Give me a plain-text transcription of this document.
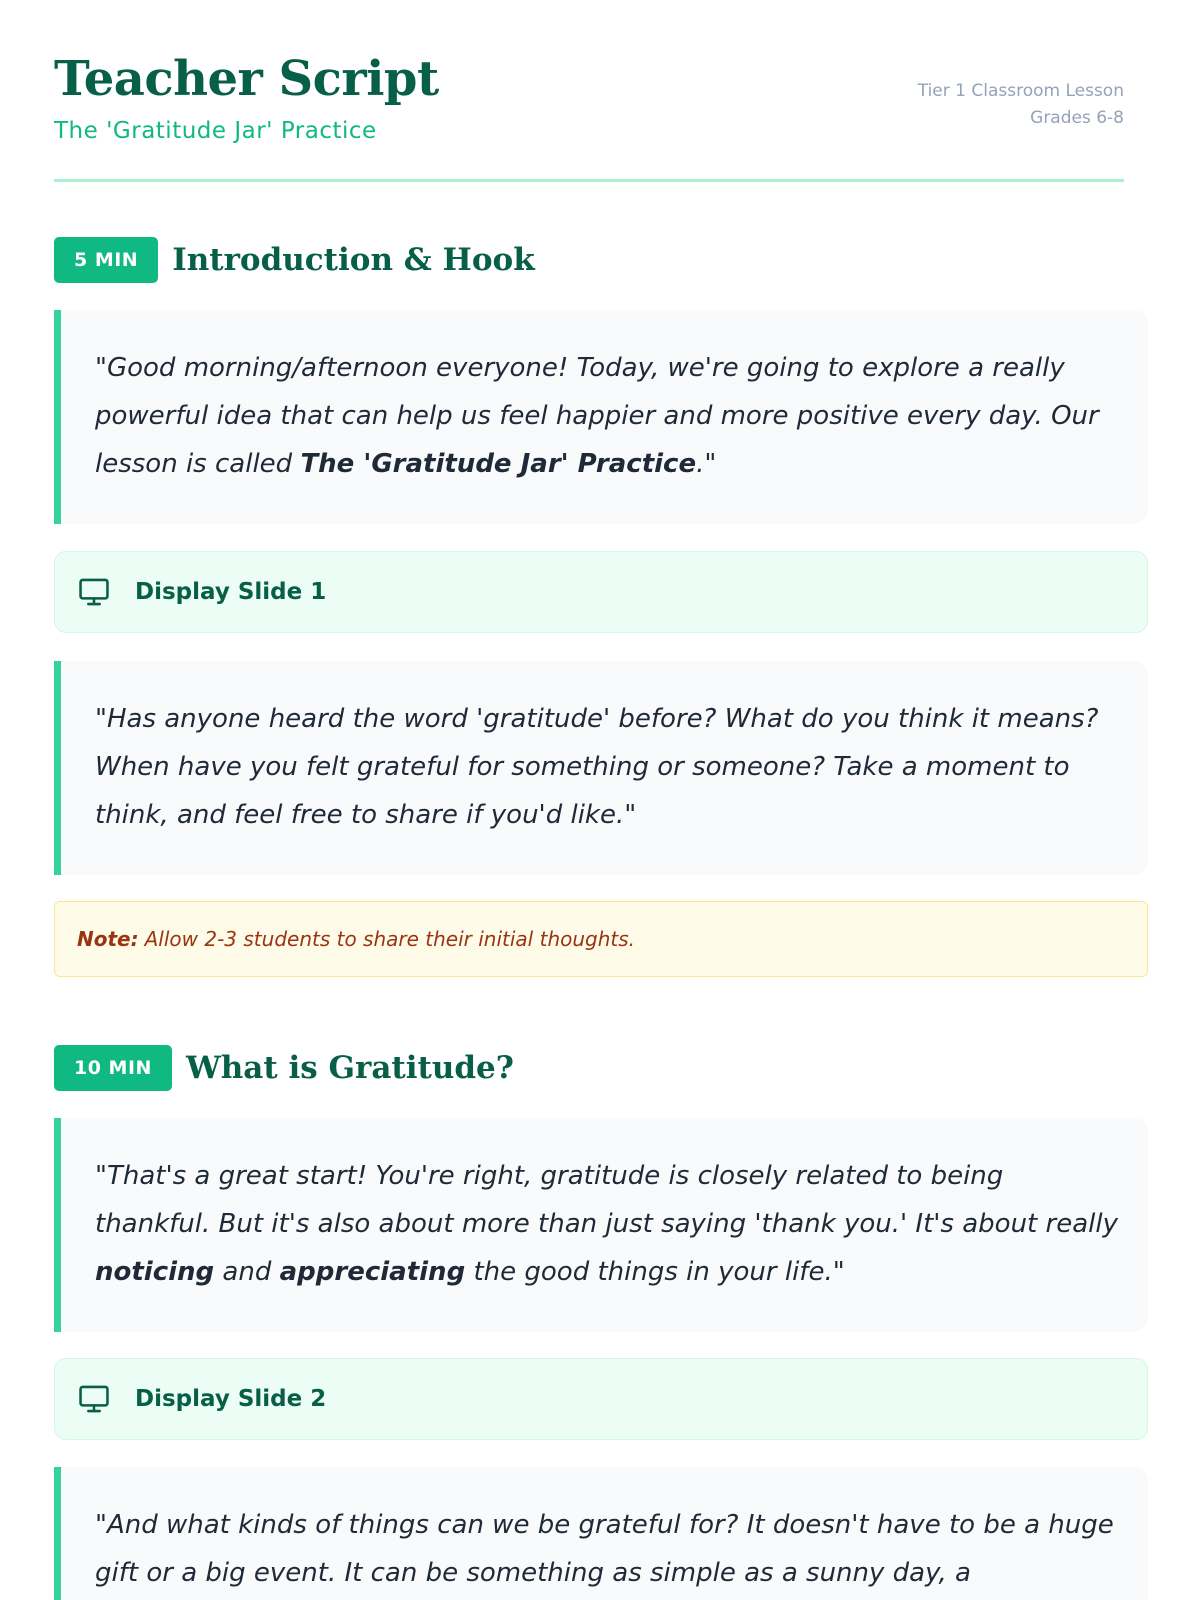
Teacher Script
The 'Gratitude Jar' Practice
Tier 1 Classroom Lesson
Grades 6-8
5 MIN	Introduction & Hook
"Good morning/afternoon everyone! Today, we're going to explore a really powerful idea that can help us feel happier and more positive every day. Our lesson is called The 'Gratitude Jar' Practice."
Display Slide 1
"Has anyone heard the word 'gratitude' before? What do you think it means? When have you felt grateful for something or someone? Take a moment to think, and feel free to share if you'd like."
Note: Allow 2-3 students to share their initial thoughts.
10 MIN	What is Gratitude?
"That's a great start! You're right, gratitude is closely related to being thankful. But it's also about more than just saying 'thank you.' It's about really noticing and appreciating the good things in your life."
Display Slide 2
"And what kinds of things can we be grateful for? It doesn't have to be a huge gift or a big event. It can be something as simple as a sunny day, a
